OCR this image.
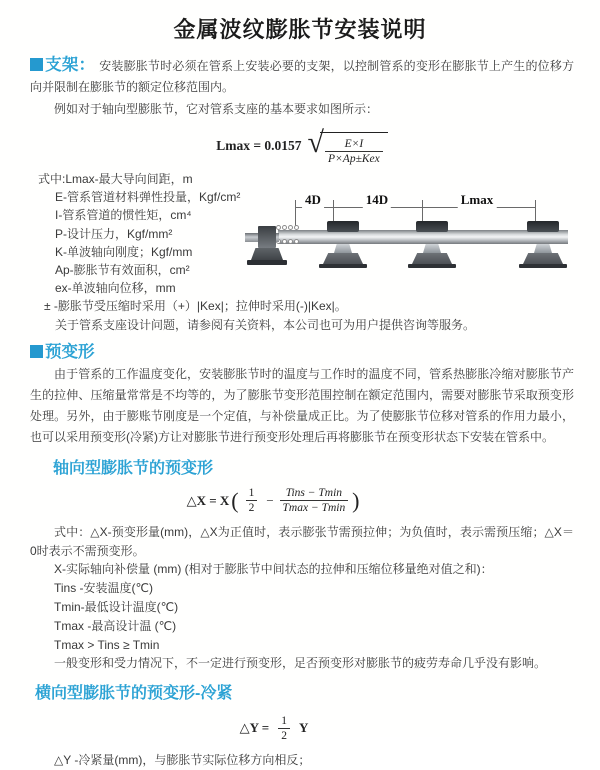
金属波纹膨胀节安装说明

支架： 安装膨胀节时必须在管系上安装必要的支架，以控制管系的变形在膨胀节上产生的位移方向并限制在膨胀节的额定位移范围内。

例如对于轴向型膨胀节，它对管系支座的基本要求如图所示：

Lmax = 0.0157 √ $\frac{E\times I}{\text{P×Ap±Kex}}$
式中:Lmax-最大导向间距，m
E-管系管道材料弹性投量，Kgf/cm²
I-管系管道的惯性矩，cm⁴
P-设计压力，Kgf/mm²
K-单波轴向刚度；Kgf/mm
Ap-膨胀节有效面积，cm²
ex-单波轴向位移，mm
± -膨胀节受压缩时采用（+）|Kex|；拉伸时采用(-)|Kex|。
关于管系支座设计问题，请参阅有关资料，本公司也可为用户提供咨询等服务。

预变形

由于管系的工作温度变化，安装膨胀节时的温度与工作时的温度不同，管系热膨胀冷缩对膨胀节产生的拉伸、压缩量常常是不均等的，为了膨胀节变形范围控制在额定范围内，需要对膨胀节采取预变形处理。另外，由于膨账节刚度是一个定值，与补偿量成正比。为了使膨胀节位移对管系的作用力最小，也可以采用预变形(冷紧)方让对膨胀节进行预变形处理后再将膨胀节在预变形状态下安装在管系中。

轴向型膨胀节的预变形
△X = X ( $\frac{1}{2} - \frac{\text{Tins − Tmin}}{Tmax - Tmin}$ )

式中：△X-预变形量(mm)，△X为正值时，表示膨张节需预拉伸；为负值时，表示需预压缩；△X＝0时表示不需预变形。

X-实际轴向补偿量 (mm) (相对于膨胀节中间状态的拉伸和压缩位移量绝对值之和)：

Tins -安装温度(℃)

Tmin-最低设计温度(℃)

Tmax -最高设计温 (℃)

Tmax > Tins ≥ Tmin

一般变形和受力情况下，不一定进行预变形，足否预变形对膨胀节的疲劳寿命几乎没有影响。

横向型膨胀节的预变形-冷紧
△Y =
$\frac{1}{2}$ Y

△Y -冷紧量(mm)，与膨胀节实际位移方向相反；

4D	14D	Lmax
